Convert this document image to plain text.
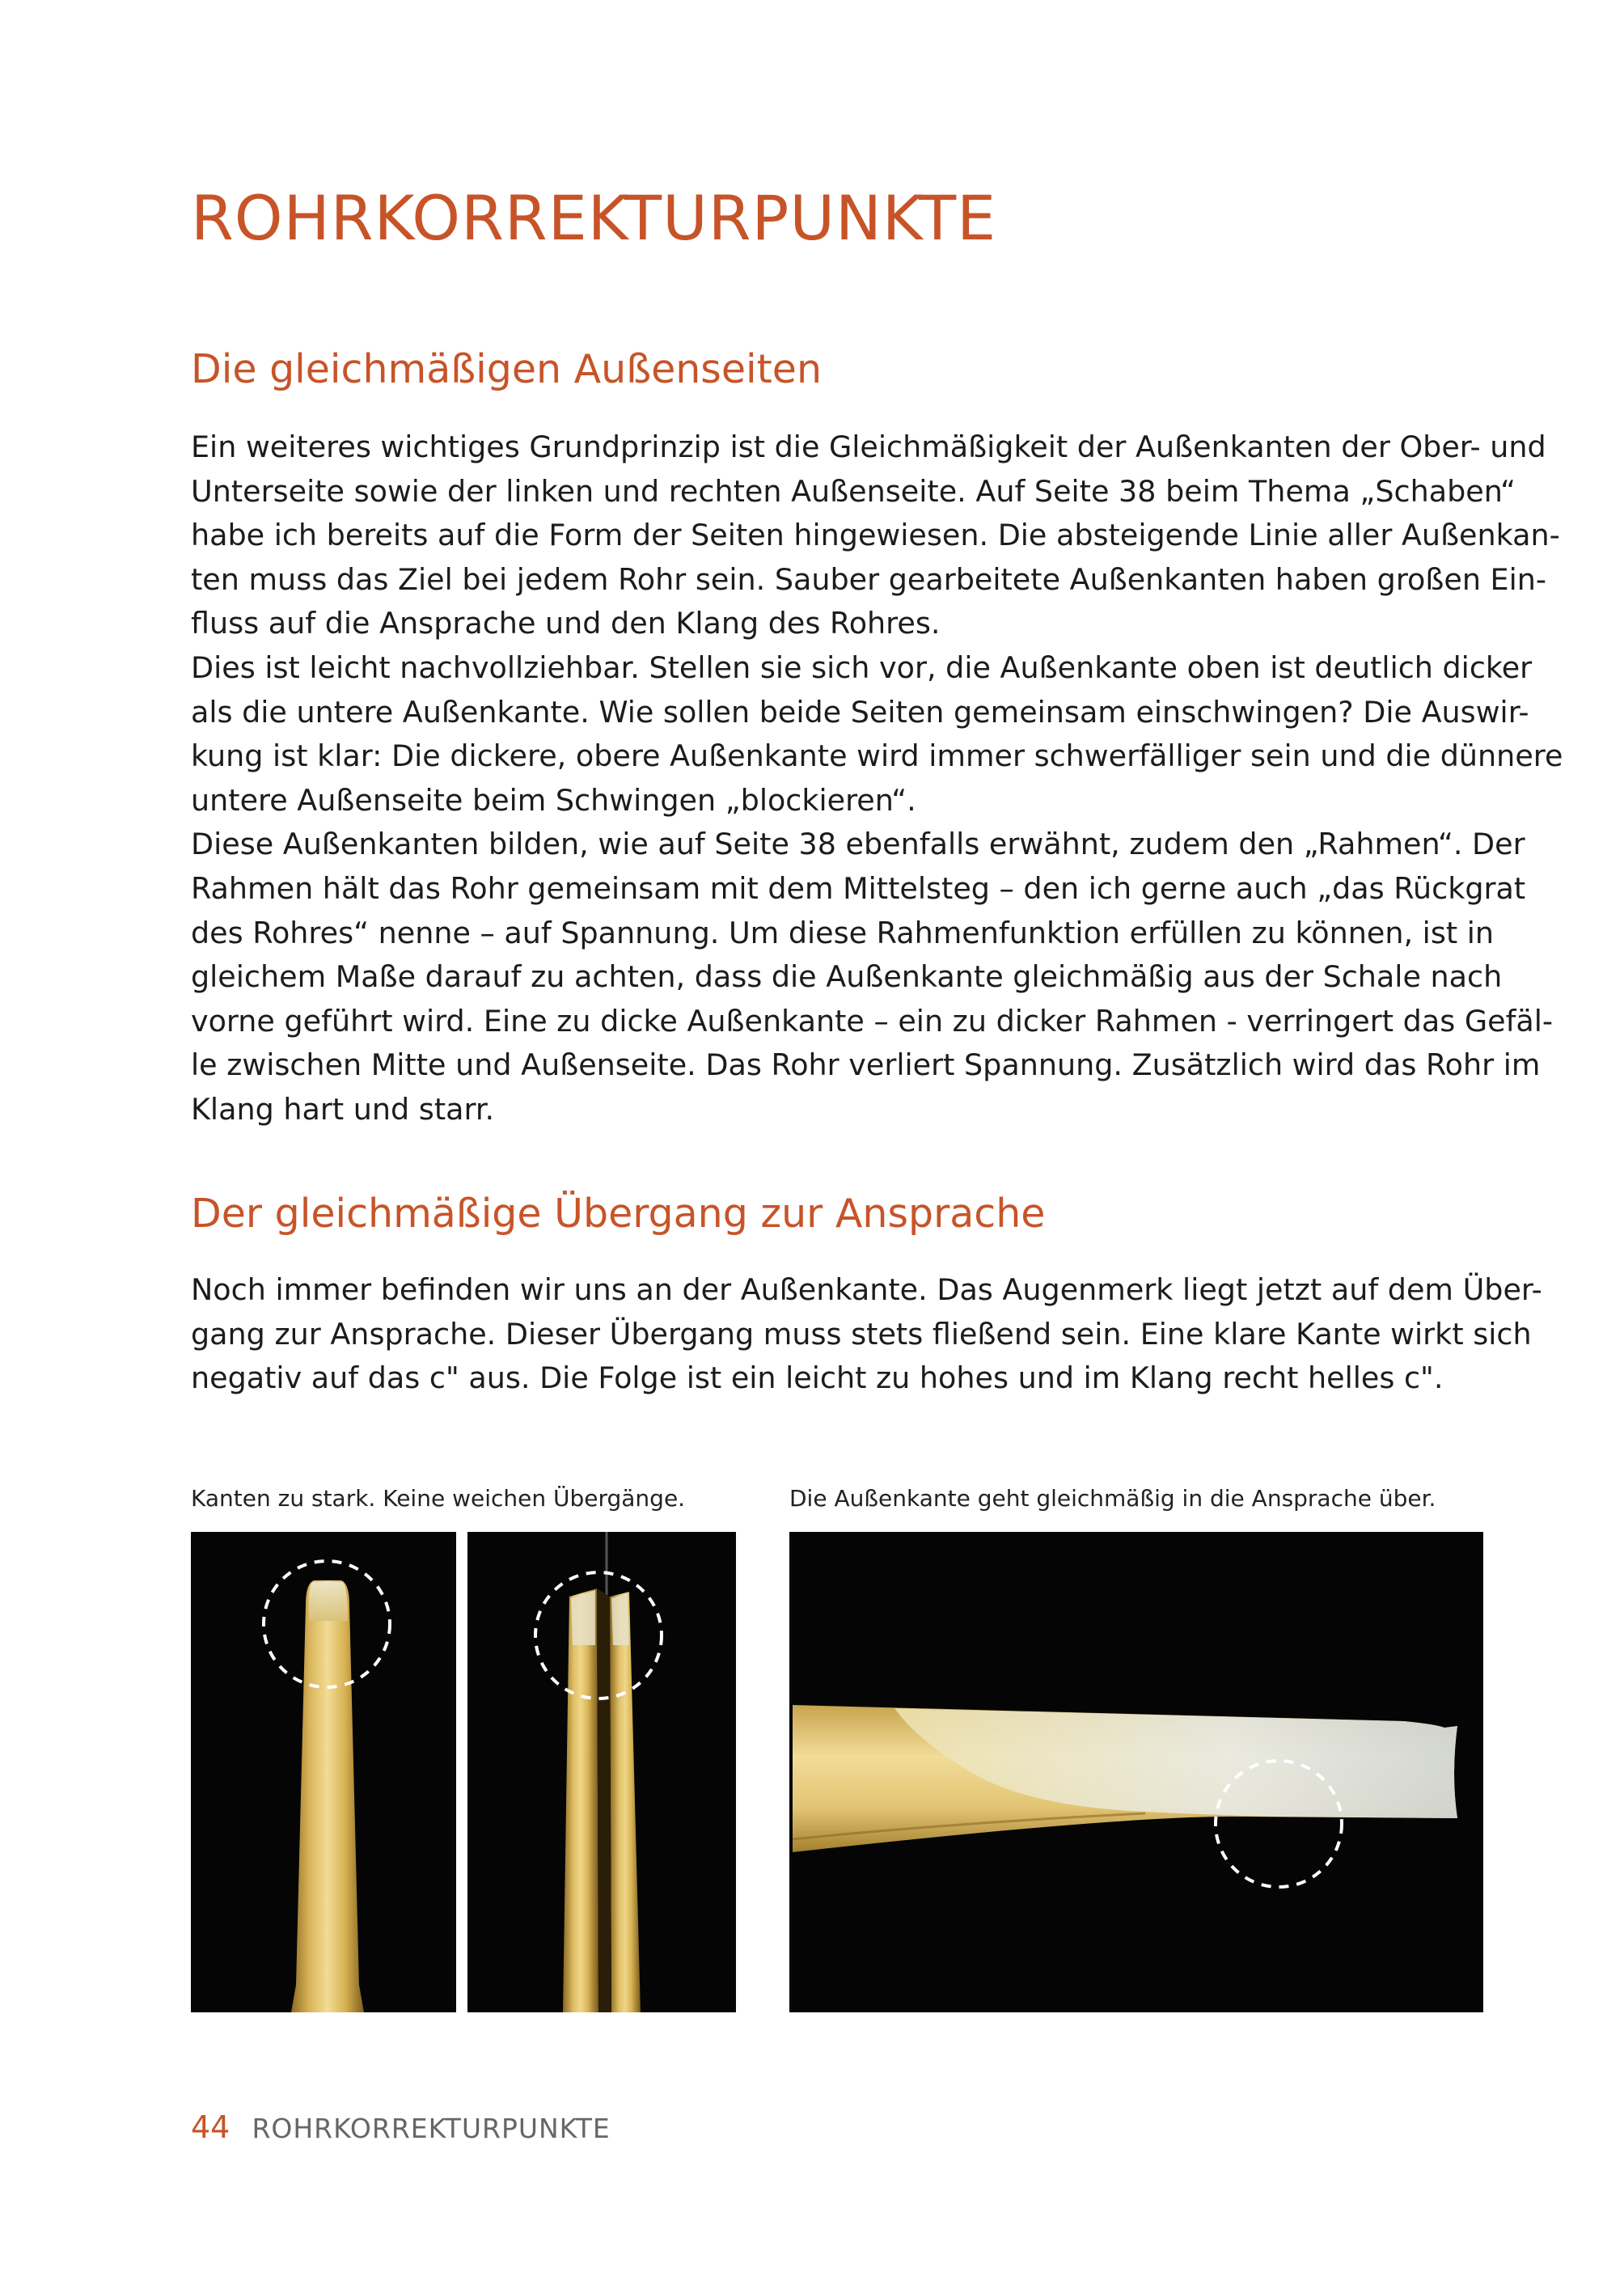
ROHRKORREKTURPUNKTE
Die gleichmäßigen Außenseiten

Ein weiteres wichtiges Grundprinzip ist die Gleichmäßigkeit der Außenkanten der Ober- und
Unterseite sowie der linken und rechten Außenseite. Auf Seite 38 beim Thema „Schaben“
habe ich bereits auf die Form der Seiten hingewiesen. Die absteigende Linie aller Außenkan-
ten muss das Ziel bei jedem Rohr sein. Sauber gearbeitete Außenkanten haben großen Ein-
fluss auf die Ansprache und den Klang des Rohres.
Dies ist leicht nachvollziehbar. Stellen sie sich vor, die Außenkante oben ist deutlich dicker
als die untere Außenkante. Wie sollen beide Seiten gemeinsam einschwingen? Die Auswir-
kung ist klar: Die dickere, obere Außenkante wird immer schwerfälliger sein und die dünnere
untere Außenseite beim Schwingen „blockieren“.
Diese Außenkanten bilden, wie auf Seite 38 ebenfalls erwähnt, zudem den „Rahmen“. Der
Rahmen hält das Rohr gemeinsam mit dem Mittelsteg – den ich gerne auch „das Rückgrat
des Rohres“ nenne – auf Spannung. Um diese Rahmenfunktion erfüllen zu können, ist in
gleichem Maße darauf zu achten, dass die Außenkante gleichmäßig aus der Schale nach
vorne geführt wird. Eine zu dicke Außenkante – ein zu dicker Rahmen - verringert das Gefäl-
le zwischen Mitte und Außenseite. Das Rohr verliert Spannung. Zusätzlich wird das Rohr im
Klang hart und starr.

Der gleichmäßige Übergang zur Ansprache

Noch immer befinden wir uns an der Außenkante. Das Augenmerk liegt jetzt auf dem Über-
gang zur Ansprache. Dieser Übergang muss stets fließend sein. Eine klare Kante wirkt sich
negativ auf das c" aus. Die Folge ist ein leicht zu hohes und im Klang recht helles c".

Kanten zu stark. Keine weichen Übergänge.	Die Außenkante geht gleichmäßig in die Ansprache über.

44 ROHRKORREKTURPUNKTE
